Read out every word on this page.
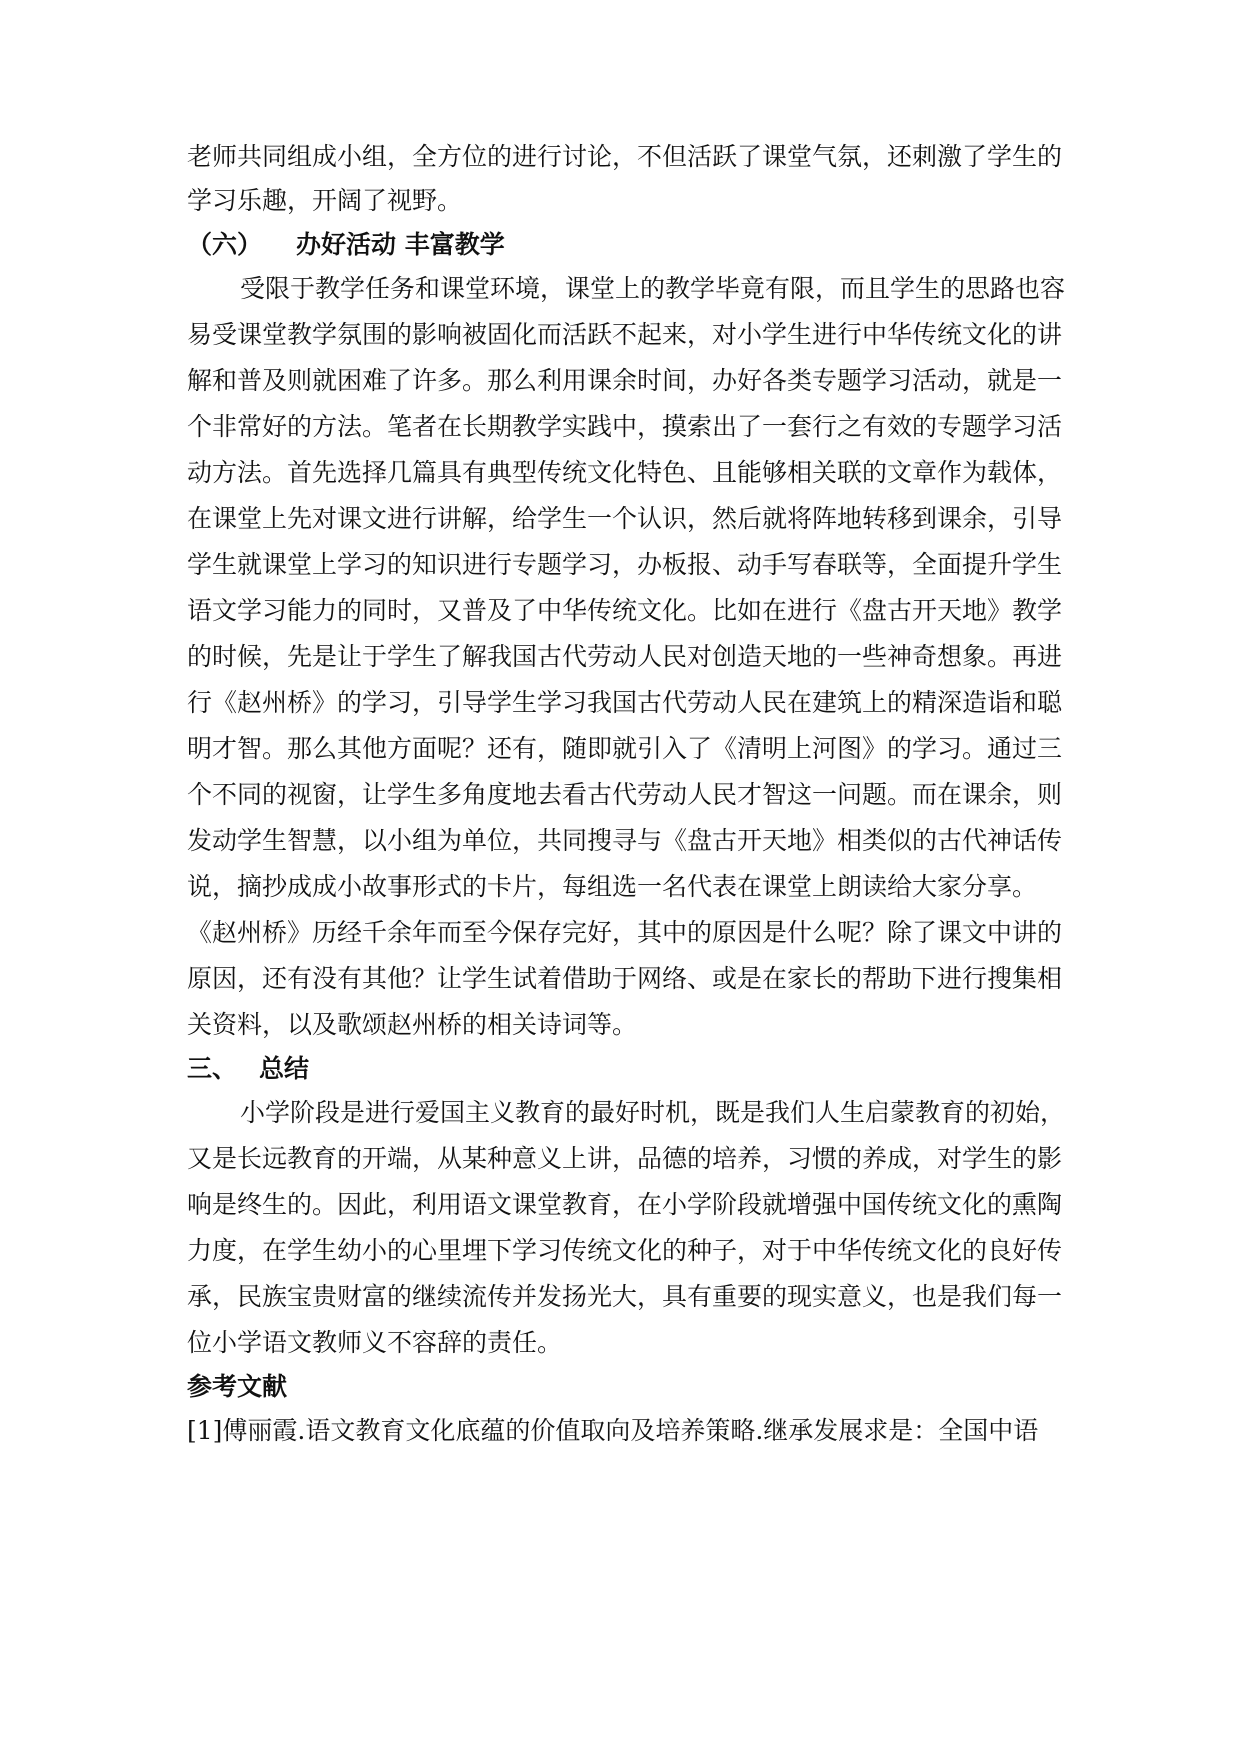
老师共同组成小组，全方位的进行讨论，不但活跃了课堂气氛，还刺激了学生的
学习乐趣，开阔了视野。
（六） 办好活动 丰富教学
受限于教学任务和课堂环境，课堂上的教学毕竟有限，而且学生的思路也容
易受课堂教学氛围的影响被固化而活跃不起来，对小学生进行中华传统文化的讲
解和普及则就困难了许多。那么利用课余时间，办好各类专题学习活动，就是一
个非常好的方法。笔者在长期教学实践中，摸索出了一套行之有效的专题学习活
动方法。首先选择几篇具有典型传统文化特色、且能够相关联的文章作为载体，
在课堂上先对课文进行讲解，给学生一个认识，然后就将阵地转移到课余，引导
学生就课堂上学习的知识进行专题学习，办板报、动手写春联等，全面提升学生
语文学习能力的同时，又普及了中华传统文化。比如在进行《盘古开天地》教学
的时候，先是让于学生了解我国古代劳动人民对创造天地的一些神奇想象。再进
行《赵州桥》的学习，引导学生学习我国古代劳动人民在建筑上的精深造诣和聪
明才智。那么其他方面呢？还有，随即就引入了《清明上河图》的学习。通过三
个不同的视窗，让学生多角度地去看古代劳动人民才智这一问题。而在课余，则
发动学生智慧，以小组为单位，共同搜寻与《盘古开天地》相类似的古代神话传
说，摘抄成成小故事形式的卡片，每组选一名代表在课堂上朗读给大家分享。
《赵州桥》历经千余年而至今保存完好，其中的原因是什么呢？除了课文中讲的
原因，还有没有其他？让学生试着借助于网络、或是在家长的帮助下进行搜集相
关资料，以及歌颂赵州桥的相关诗词等。
三、 总结
小学阶段是进行爱国主义教育的最好时机，既是我们人生启蒙教育的初始，
又是长远教育的开端，从某种意义上讲，品德的培养，习惯的养成，对学生的影
响是终生的。因此，利用语文课堂教育，在小学阶段就增强中国传统文化的熏陶
力度，在学生幼小的心里埋下学习传统文化的种子，对于中华传统文化的良好传
承，民族宝贵财富的继续流传并发扬光大，具有重要的现实意义，也是我们每一
位小学语文教师义不容辞的责任。
参考文献
[1]傅丽霞.语文教育文化底蕴的价值取向及培养策略.继承发展求是：全国中语
